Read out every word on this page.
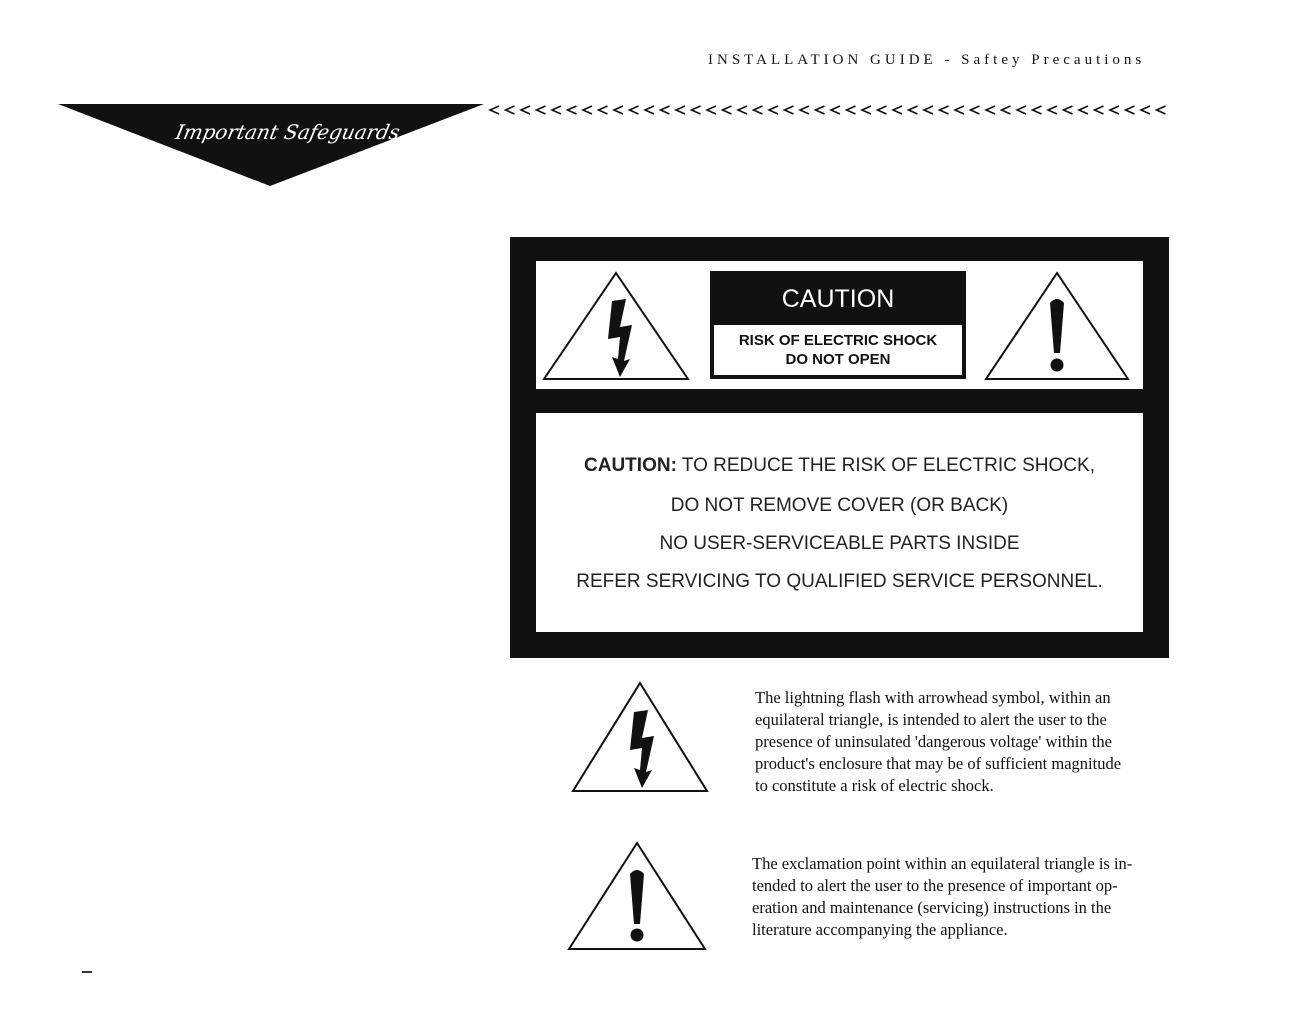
INSTALLATION GUIDE - Saftey Precautions
Important Safeguards
CAUTION
RISK OF ELECTRIC SHOCK
DO NOT OPEN
CAUTION: TO REDUCE THE RISK OF ELECTRIC SHOCK,
DO NOT REMOVE COVER (OR BACK)
NO USER-SERVICEABLE PARTS INSIDE
REFER SERVICING TO QUALIFIED SERVICE PERSONNEL.
The lightning flash with arrowhead symbol, within an
equilateral triangle, is intended to alert the user to the
presence of uninsulated 'dangerous voltage' within the
product's enclosure that may be of sufficient magnitude
to constitute a risk of electric shock.
The exclamation point within an equilateral triangle is in-
tended to alert the user to the presence of important op-
eration and maintenance (servicing) instructions in the
literature accompanying the appliance.
